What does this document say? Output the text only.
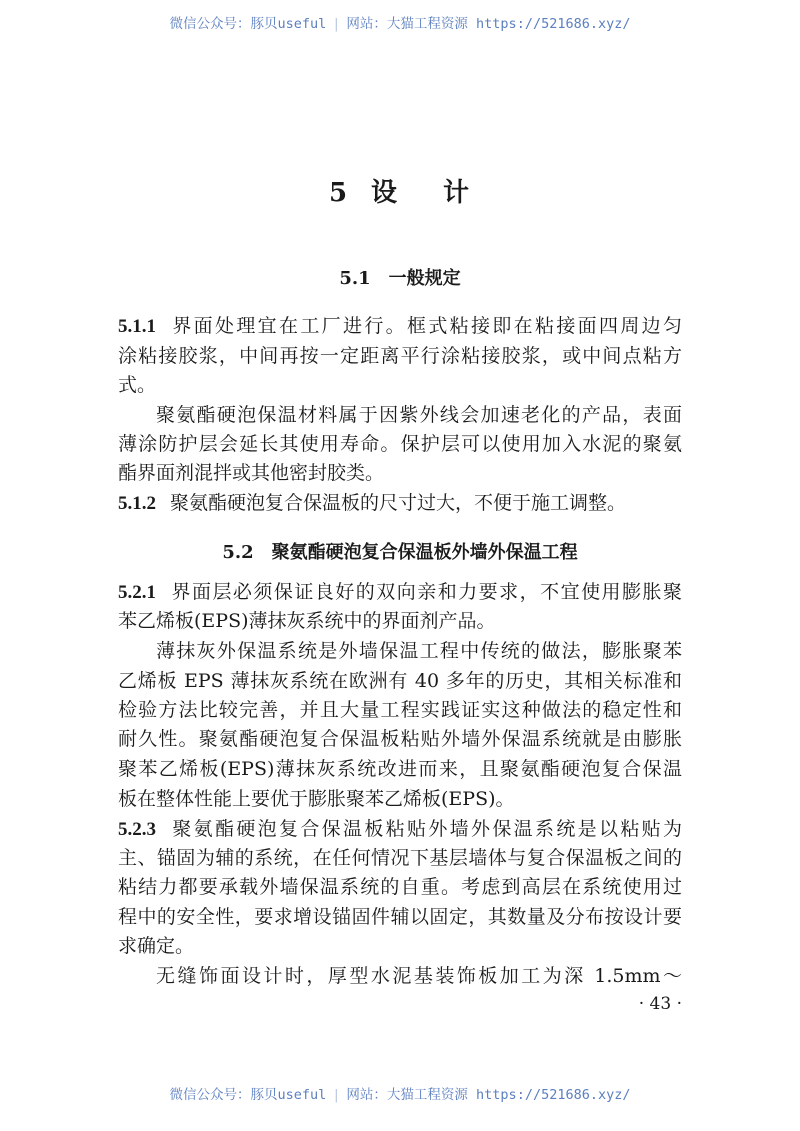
微信公众号：豚贝useful | 网站：大猫工程资源 https://521686.xyz/
5 设 计
5.1　一般规定
5.1.1 界面处理宜在工厂进行。框式粘接即在粘接面四周边匀
涂粘接胶浆，中间再按一定距离平行涂粘接胶浆，或中间点粘方
式。
聚氨酯硬泡保温材料属于因紫外线会加速老化的产品，表面
薄涂防护层会延长其使用寿命。保护层可以使用加入水泥的聚氨
酯界面剂混拌或其他密封胶类。
5.1.2 聚氨酯硬泡复合保温板的尺寸过大，不便于施工调整。
5.2　聚氨酯硬泡复合保温板外墙外保温工程
5.2.1 界面层必须保证良好的双向亲和力要求，不宜使用膨胀聚
苯乙烯板(EPS)薄抹灰系统中的界面剂产品。
薄抹灰外保温系统是外墙保温工程中传统的做法，膨胀聚苯
乙烯板 EPS 薄抹灰系统在欧洲有 40 多年的历史，其相关标准和
检验方法比较完善，并且大量工程实践证实这种做法的稳定性和
耐久性。聚氨酯硬泡复合保温板粘贴外墙外保温系统就是由膨胀
聚苯乙烯板(EPS)薄抹灰系统改进而来，且聚氨酯硬泡复合保温
板在整体性能上要优于膨胀聚苯乙烯板(EPS)。
5.2.3 聚氨酯硬泡复合保温板粘贴外墙外保温系统是以粘贴为
主、锚固为辅的系统，在任何情况下基层墙体与复合保温板之间的
粘结力都要承载外墙保温系统的自重。考虑到高层在系统使用过
程中的安全性，要求增设锚固件辅以固定，其数量及分布按设计要
求确定。
无缝饰面设计时，厚型水泥基装饰板加工为深 1.5mm～
· 43 ·
微信公众号：豚贝useful | 网站：大猫工程资源 https://521686.xyz/
